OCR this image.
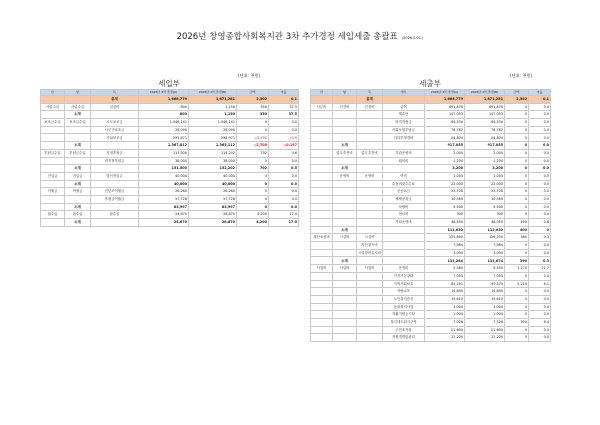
2026년 창영종합사회복지관 3차 추가경정 세입세출 총괄표 (2026.0.01.)
(단위: 천원)	(단위: 천원)
세입부	세출부
관	항	목	2026년 3차 추경(A)	2026년 2차 추경(B)	금액	비율
		총계	1,668,779	1,671,281	2,502	0.1
사업수입	사업수입	일심비	800	1,150	350	37.5
	소계		800	1,150	350	37.5
보조금수입	보조금수입	시도보조금	1,046,141	1,046,141	0	0.0
		시군구보조금	28,000	28,000	0	0.0
		기타보조금	293,671	298,971	△2,700	△0.9
	소계		1,367,812	1,365,112	△2,700	△0.197
후원금수입	후원금수입	지정후원금	113,500	114,202	702	0.6
		비지정후원금	38,000	38,000	0	0.0
	소계		151,500	152,202	702	0.5
전입금	전입금	법인전입금	40,000	40,000	0	0.0
	소계		40,000	40,000	0	0.0
이월금	이월금	전년도이월금	26,260	26,260	0	0.0
		후원금이월금	57,728	57,728	0	0.0
	소계		83,997	83,997	0	0.0
잡수입	잡수입	잡수입	24,670	28,870	4,200	17.0
	소계		24,670	28,870	4,200	17.0
관	항	목	세목	2026년 3차 추경(A)	2026년 2차 추경(B)	금액	비율
		총계		1,668,779	1,671,281	2,502	0.1
사무비	인건비	인건비	급여	691,878	691,878	0	0.0
			제수당	147,053	147,053	0	0.0
			퇴직적립금	64,530	64,530	0	0.0
			사회보험부담금	78,762	78,762	0	0.0
			기타후생경비	24,800	24,800	0	0.0
	소계			917,055	917,055	0	0.0
	업무추진비	업무추진비	기관운영비	2,000	2,000	0	0.0
			회의비	1,200	1,200	0	0.0
	소계			3,200	3,200	0	0.0
	운영비	운영비	여비	1,000	1,000	0	0.0
			수용비및수수료	22,000	22,000	0	0.0
			공공요금	23,728	23,728	0	0.0
			제세공과금	10,560	10,560	0	0.0
			차량비	5,500	5,500	0	0.0
			연료비	300	300	0	0.0
			기타운영비	48,550	48,950	400	0.8
	소계			111,630	112,030	400	0
재산조성비	시설비	시설비		125,890	126,250	360	0.3
		자산취득비		7,984	7,984	0	0.0
		시설장비유지비		3,000	3,000	0	0.0
	소계			131,284	131,674	390	0.3
사업비	사업비	사업비	운영비	5,380	6,550	1,170	21.7
			가족기능강화	7,050	7,050	0	0.0
			지역사회보호	85,161	90,375	5,214	6.1
			자립교육	14,890	14,890	0	0.0
			노인복지증진	15,610	15,610	0	0.0
			문화복지사업	3,000	3,000	0	0.0
			자활지원등기타	1,000	1,000	0	0.0
			복지네트워크구축	7,026	7,526	500	6.4
			주민조직화	21,600	21,600	0	0.0
			자원개발및관리	22,200	22,200	0	0.0
